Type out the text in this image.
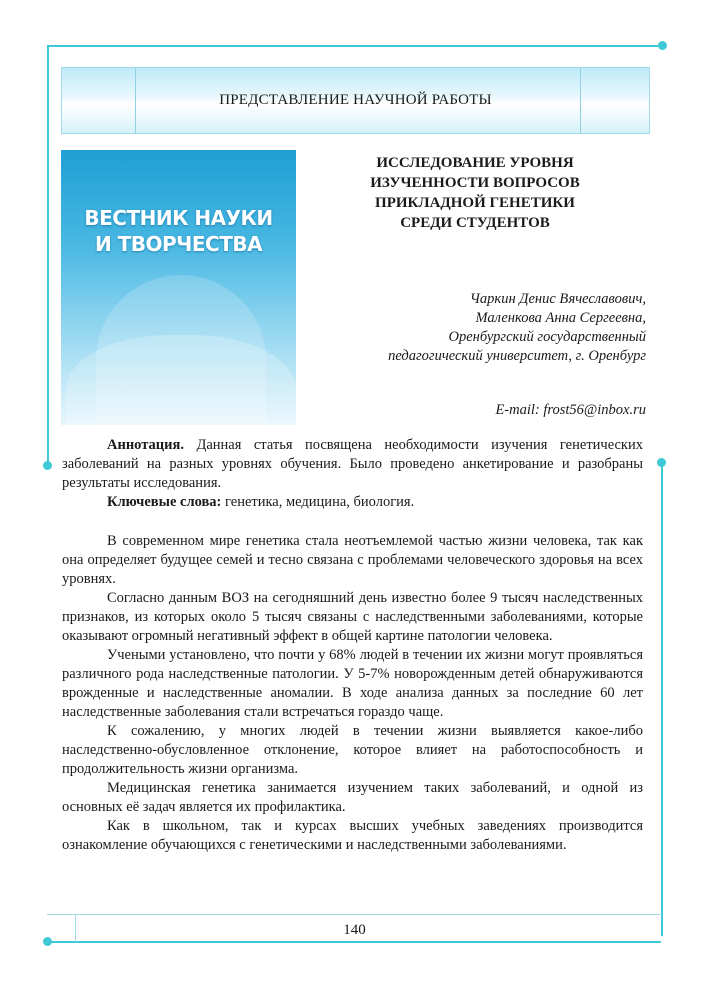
ПРЕДСТАВЛЕНИЕ НАУЧНОЙ РАБОТЫ
ВЕСТНИК НАУКИ
И ТВОРЧЕСТВА
ИССЛЕДОВАНИЕ УРОВНЯ
ИЗУЧЕННОСТИ ВОПРОСОВ
ПРИКЛАДНОЙ ГЕНЕТИКИ
СРЕДИ СТУДЕНТОВ
Чаркин Денис Вячеславович,
Маленкова Анна Сергеевна,
Оренбургский государственный
педагогический университет, г. Оренбург
E-mail: frost56@inbox.ru

Аннотация. Данная статья посвящена необходимости изучения генетических заболеваний на разных уровнях обучения. Было проведено анкетирование и разобраны результаты исследования.

Ключевые слова: генетика, медицина, биология.

В современном мире генетика стала неотъемлемой частью жизни человека, так как она определяет будущее семей и тесно связана с проблемами человеческого здоровья на всех уровнях.

Согласно данным ВОЗ на сегодняшний день известно более 9 тысяч наследственных признаков, из которых около 5 тысяч связаны с наследственными заболеваниями, которые оказывают огромный негативный эффект в общей картине патологии человека.

Учеными установлено, что почти у 68% людей в течении их жизни могут проявляться различного рода наследственные патологии. У 5-7% новорожденным детей обнаруживаются врожденные и наследственные аномалии. В ходе анализа данных за последние 60 лет наследственные заболевания стали встречаться гораздо чаще.

К сожалению, у многих людей в течении жизни выявляется какое-либо наследственно-обусловленное отклонение, которое влияет на работоспособность и продолжительность жизни организма.

Медицинская генетика занимается изучением таких заболеваний, и одной из основных её задач является их профилактика.

Как в школьном, так и курсах высших учебных заведениях производится ознакомление обучающихся с генетическими и наследственными заболеваниями.

140
